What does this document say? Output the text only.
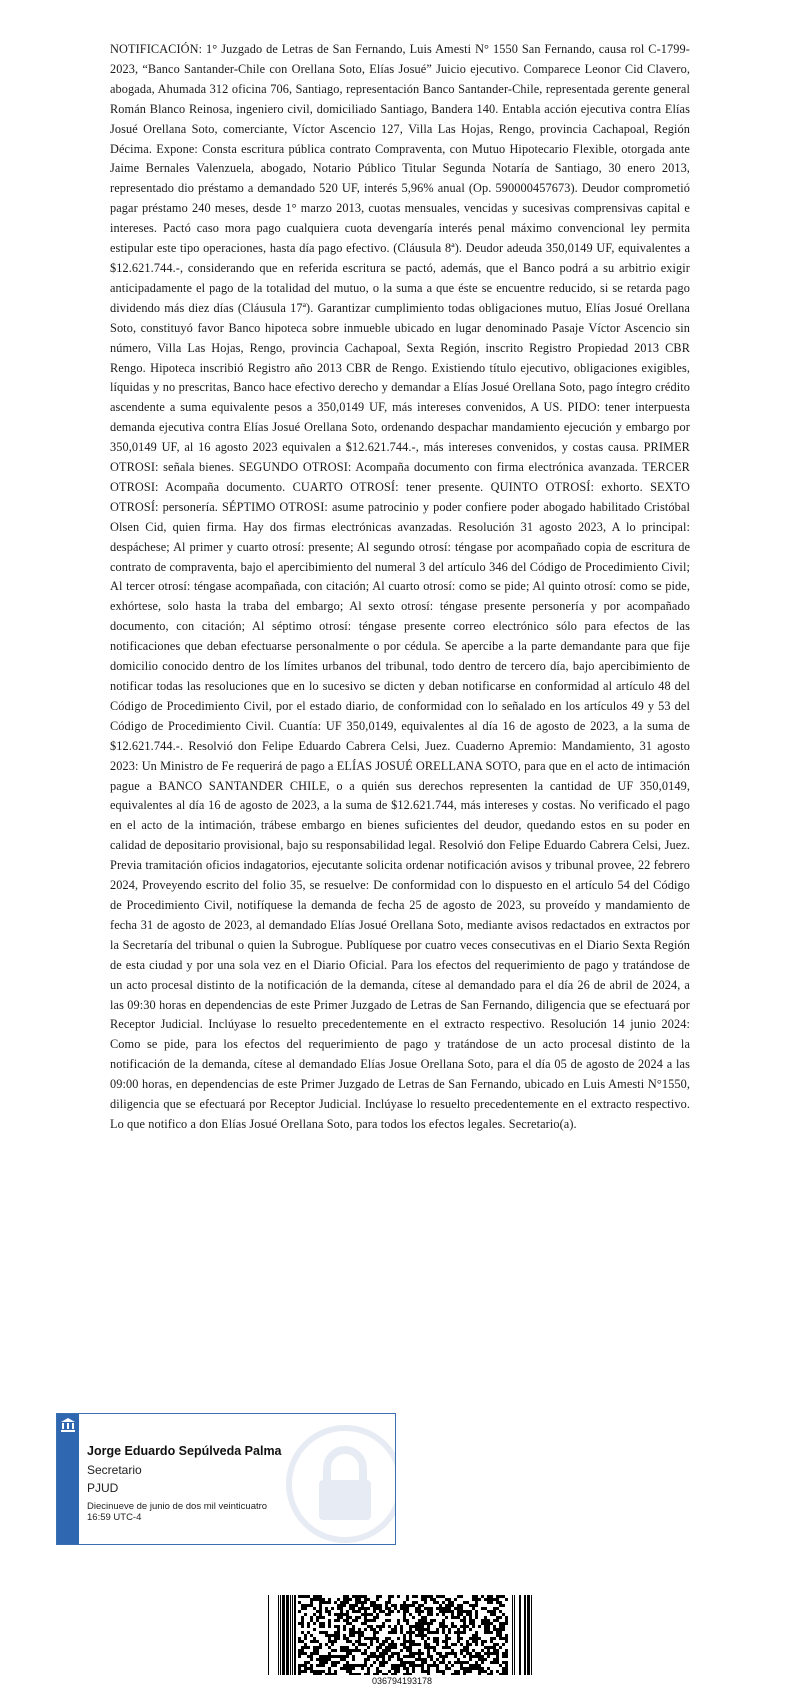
NOTIFICACIÓN: 1° Juzgado de Letras de San Fernando, Luis Amesti N° 1550 San Fernando, causa rol C-1799-2023, “Banco Santander-Chile con Orellana Soto, Elías Josué” Juicio ejecutivo. Comparece Leonor Cid Clavero, abogada, Ahumada 312 oficina 706, Santiago, representación Banco Santander-Chile, representada gerente general Román Blanco Reinosa, ingeniero civil, domiciliado Santiago, Bandera 140. Entabla acción ejecutiva contra Elías Josué Orellana Soto, comerciante, Víctor Ascencio 127, Villa Las Hojas, Rengo, provincia Cachapoal, Región Décima. Expone: Consta escritura pública contrato Compraventa, con Mutuo Hipotecario Flexible, otorgada ante Jaime Bernales Valenzuela, abogado, Notario Público Titular Segunda Notaría de Santiago, 30 enero 2013, representado dio préstamo a demandado 520 UF, interés 5,96% anual (Op. 590000457673). Deudor comprometió pagar préstamo 240 meses, desde 1° marzo 2013, cuotas mensuales, vencidas y sucesivas comprensivas capital e intereses. Pactó caso mora pago cualquiera cuota devengaría interés penal máximo convencional ley permita estipular este tipo operaciones, hasta día pago efectivo. (Cláusula 8ª). Deudor adeuda 350,0149 UF, equivalentes a $12.621.744.-, considerando que en referida escritura se pactó, además, que el Banco podrá a su arbitrio exigir anticipadamente el pago de la totalidad del mutuo, o la suma a que éste se encuentre reducido, si se retarda pago dividendo más diez días (Cláusula 17ª). Garantizar cumplimiento todas obligaciones mutuo, Elías Josué Orellana Soto, constituyó favor Banco hipoteca sobre inmueble ubicado en lugar denominado Pasaje Víctor Ascencio sin número, Villa Las Hojas, Rengo, provincia Cachapoal, Sexta Región, inscrito Registro Propiedad 2013 CBR Rengo. Hipoteca inscribió Registro año 2013 CBR de Rengo. Existiendo título ejecutivo, obligaciones exigibles, líquidas y no prescritas, Banco hace efectivo derecho y demandar a Elías Josué Orellana Soto, pago íntegro crédito ascendente a suma equivalente pesos a 350,0149 UF, más intereses convenidos, A US. PIDO: tener interpuesta demanda ejecutiva contra Elías Josué Orellana Soto, ordenando despachar mandamiento ejecución y embargo por 350,0149 UF, al 16 agosto 2023 equivalen a $12.621.744.-, más intereses convenidos, y costas causa. PRIMER OTROSI: señala bienes. SEGUNDO OTROSI: Acompaña documento con firma electrónica avanzada. TERCER OTROSI: Acompaña documento. CUARTO OTROSÍ: tener presente. QUINTO OTROSÍ: exhorto. SEXTO OTROSÍ: personería. SÉPTIMO OTROSI: asume patrocinio y poder confiere poder abogado habilitado Cristóbal Olsen Cid, quien firma. Hay dos firmas electrónicas avanzadas. Resolución 31 agosto 2023, A lo principal: despáchese; Al primer y cuarto otrosí: presente; Al segundo otrosí: téngase por acompañado copia de escritura de contrato de compraventa, bajo el apercibimiento del numeral 3 del artículo 346 del Código de Procedimiento Civil; Al tercer otrosí: téngase acompañada, con citación; Al cuarto otrosí: como se pide; Al quinto otrosí: como se pide, exhórtese, solo hasta la traba del embargo; Al sexto otrosí: téngase presente personería y por acompañado documento, con citación; Al séptimo otrosí: téngase presente correo electrónico sólo para efectos de las notificaciones que deban efectuarse personalmente o por cédula. Se apercibe a la parte demandante para que fije domicilio conocido dentro de los límites urbanos del tribunal, todo dentro de tercero día, bajo apercibimiento de notificar todas las resoluciones que en lo sucesivo se dicten y deban notificarse en conformidad al artículo 48 del Código de Procedimiento Civil, por el estado diario, de conformidad con lo señalado en los artículos 49 y 53 del Código de Procedimiento Civil. Cuantía: UF 350,0149, equivalentes al día 16 de agosto de 2023, a la suma de $12.621.744.-. Resolvió don Felipe Eduardo Cabrera Celsi, Juez. Cuaderno Apremio: Mandamiento, 31 agosto 2023: Un Ministro de Fe requerirá de pago a ELÍAS JOSUÉ ORELLANA SOTO, para que en el acto de intimación pague a BANCO SANTANDER CHILE, o a quién sus derechos representen la cantidad de UF 350,0149, equivalentes al día 16 de agosto de 2023, a la suma de $12.621.744, más intereses y costas. No verificado el pago en el acto de la intimación, trábese embargo en bienes suficientes del deudor, quedando estos en su poder en calidad de depositario provisional, bajo su responsabilidad legal. Resolvió don Felipe Eduardo Cabrera Celsi, Juez. Previa tramitación oficios indagatorios, ejecutante solicita ordenar notificación avisos y tribunal provee, 22 febrero 2024, Proveyendo escrito del folio 35, se resuelve: De conformidad con lo dispuesto en el artículo 54 del Código de Procedimiento Civil, notifíquese la demanda de fecha 25 de agosto de 2023, su proveído y mandamiento de fecha 31 de agosto de 2023, al demandado Elías Josué Orellana Soto, mediante avisos redactados en extractos por la Secretaría del tribunal o quien la Subrogue. Publíquese por cuatro veces consecutivas en el Diario Sexta Región de esta ciudad y por una sola vez en el Diario Oficial. Para los efectos del requerimiento de pago y tratándose de un acto procesal distinto de la notificación de la demanda, cítese al demandado para el día 26 de abril de 2024, a las 09:30 horas en dependencias de este Primer Juzgado de Letras de San Fernando, diligencia que se efectuará por Receptor Judicial. Inclúyase lo resuelto precedentemente en el extracto respectivo. Resolución 14 junio 2024: Como se pide, para los efectos del requerimiento de pago y tratándose de un acto procesal distinto de la notificación de la demanda, cítese al demandado Elías Josue Orellana Soto, para el día 05 de agosto de 2024 a las 09:00 horas, en dependencias de este Primer Juzgado de Letras de San Fernando, ubicado en Luis Amesti N°1550, diligencia que se efectuará por Receptor Judicial. Inclúyase lo resuelto precedentemente en el extracto respectivo. Lo que notifico a don Elías Josué Orellana Soto, para todos los efectos legales. Secretario(a).

Jorge Eduardo Sepúlveda Palma
Secretario
PJUD
Diecinueve de junio de dos mil veinticuatro
16:59 UTC-4
036794193178
